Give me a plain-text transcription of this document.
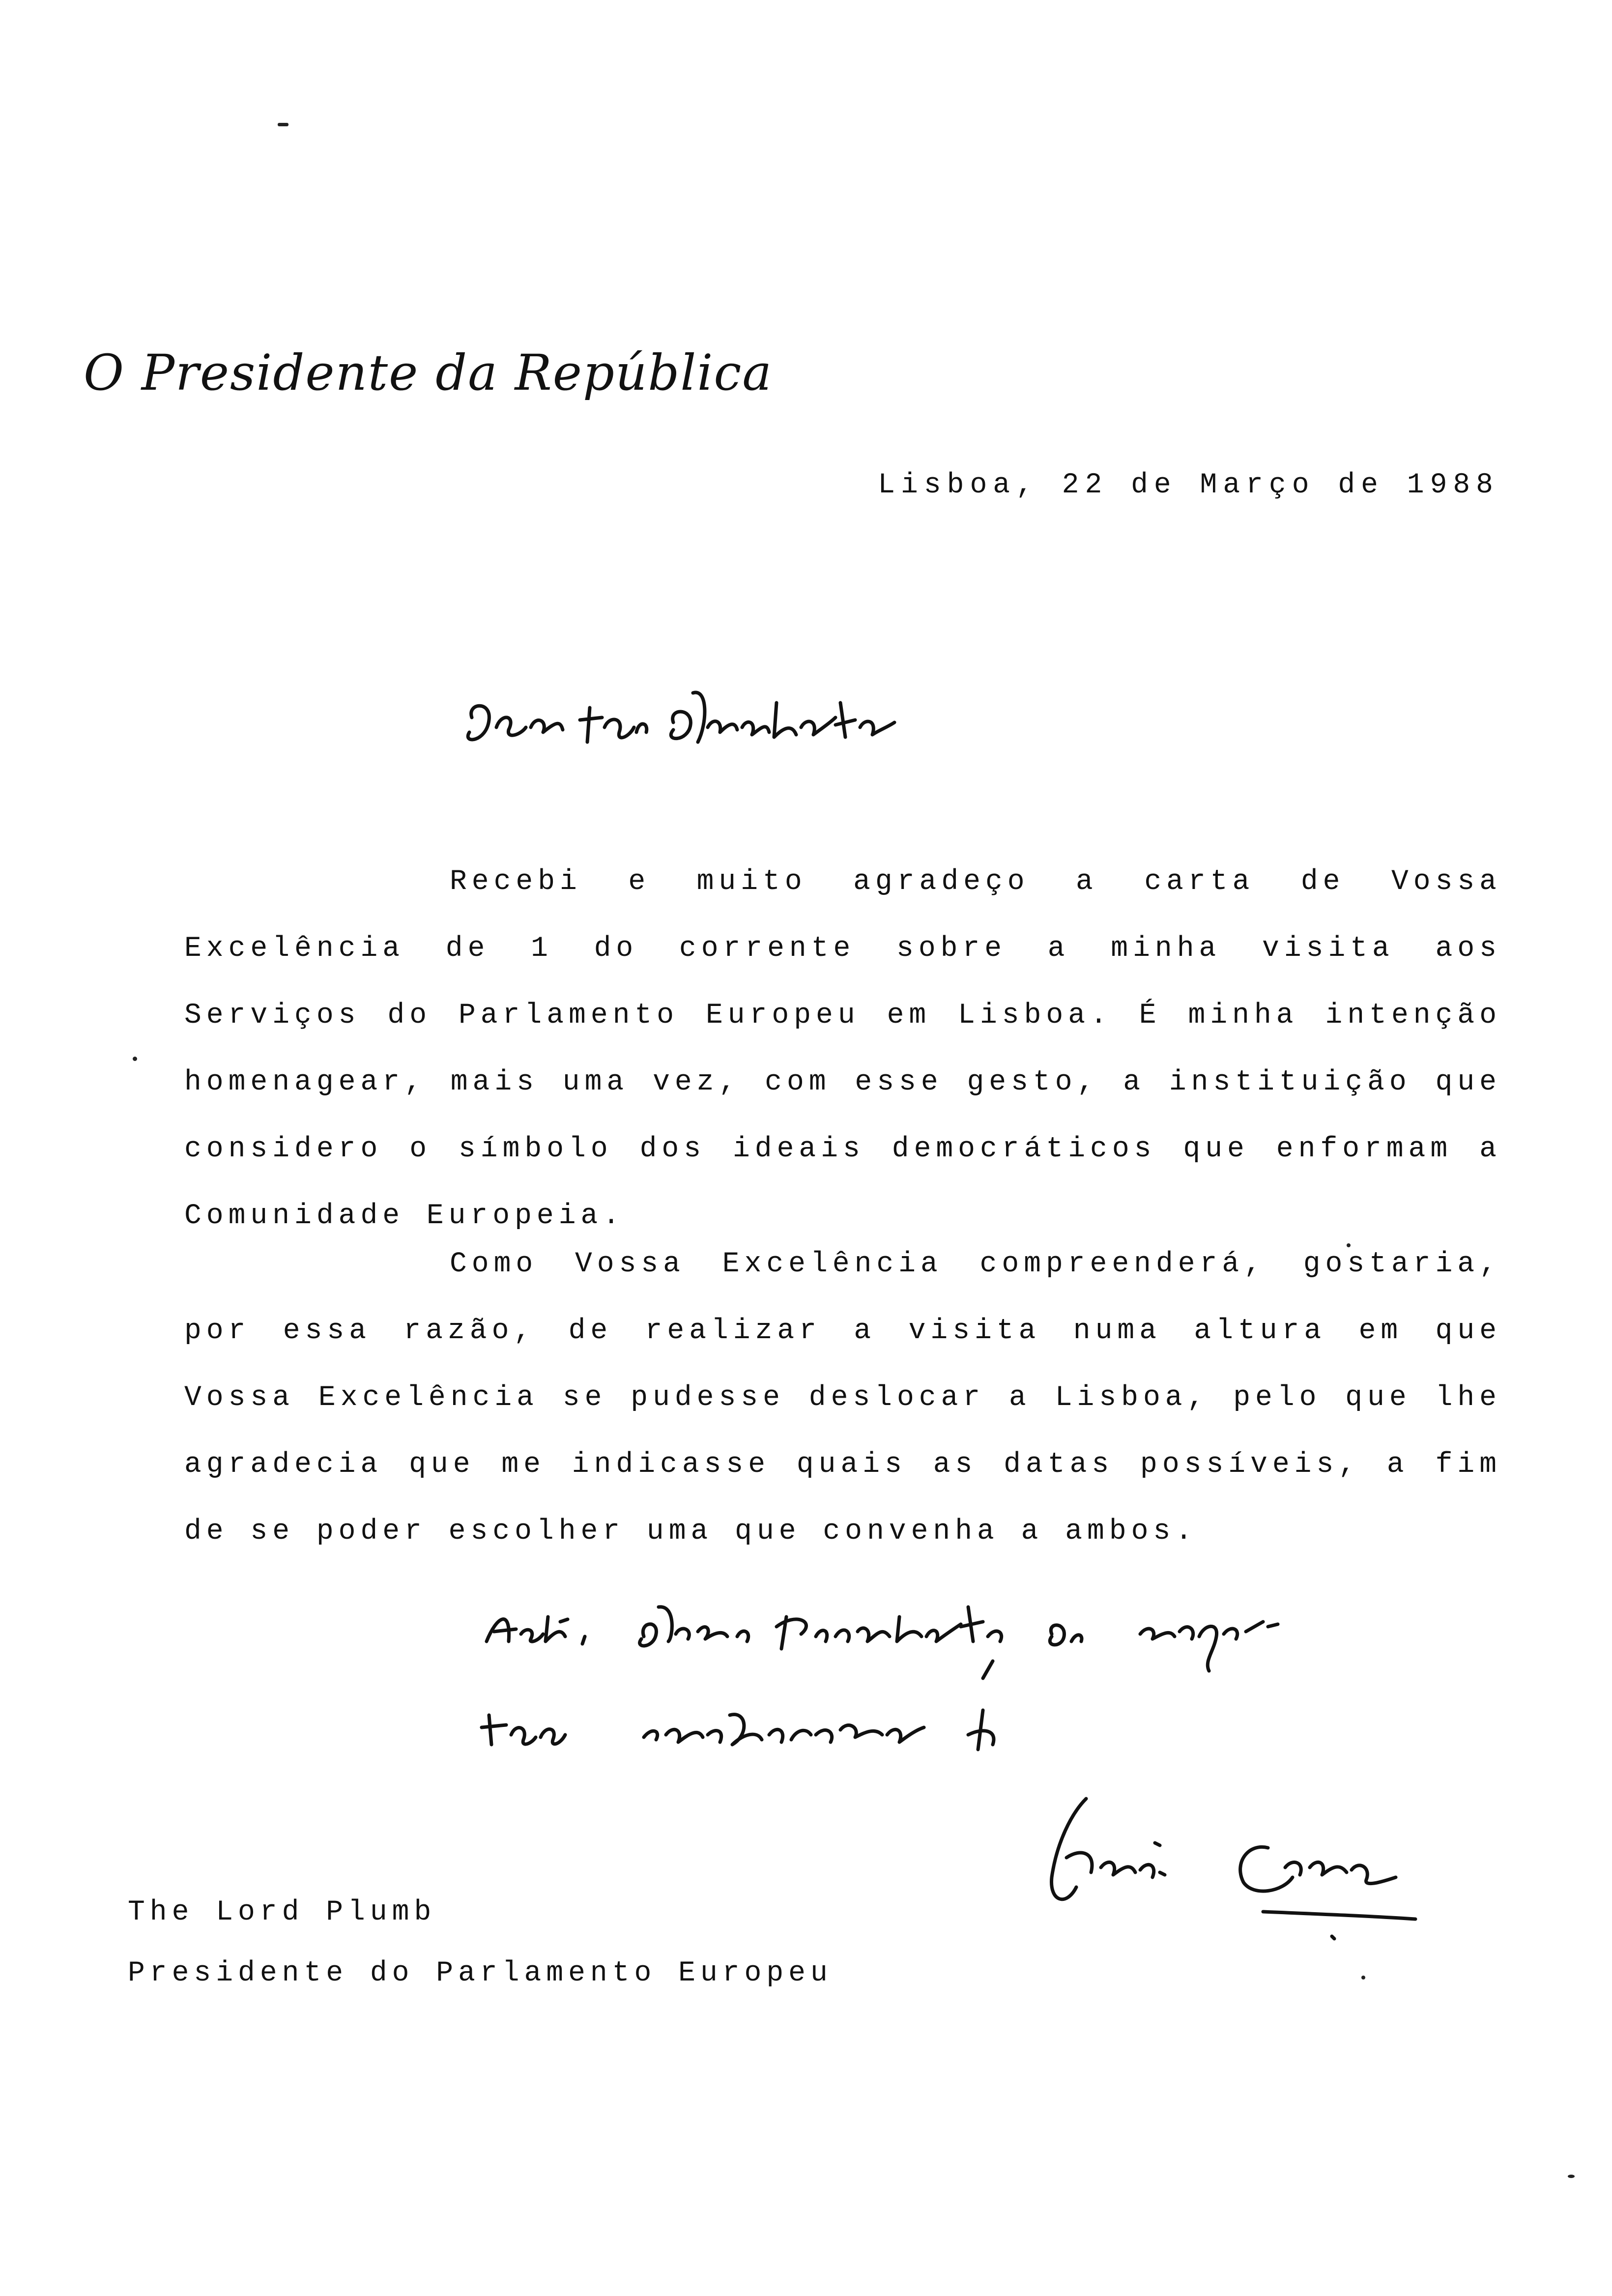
O Presidente da República
Lisboa, 22 de Março de 1988

Recebi e muito agradeço a carta de Vossa Excelência de 1 do corrente sobre a minha visita aos Serviços do Parlamento Europeu em Lisboa. É minha intenção homenagear, mais uma vez, com esse gesto, a instituição que considero o símbolo dos ideais democráticos que enformam a Comunidade Europeia.

Como Vossa Excelência compreenderá, gostaria, por essa razão, de realizar a visita numa altura em que Vossa Excelência se pudesse deslocar a Lisboa, pelo que lhe agradecia que me indicasse quais as datas possíveis, a fim de se poder escolher uma que convenha a ambos.

The Lord Plumb
Presidente do Parlamento Europeu
